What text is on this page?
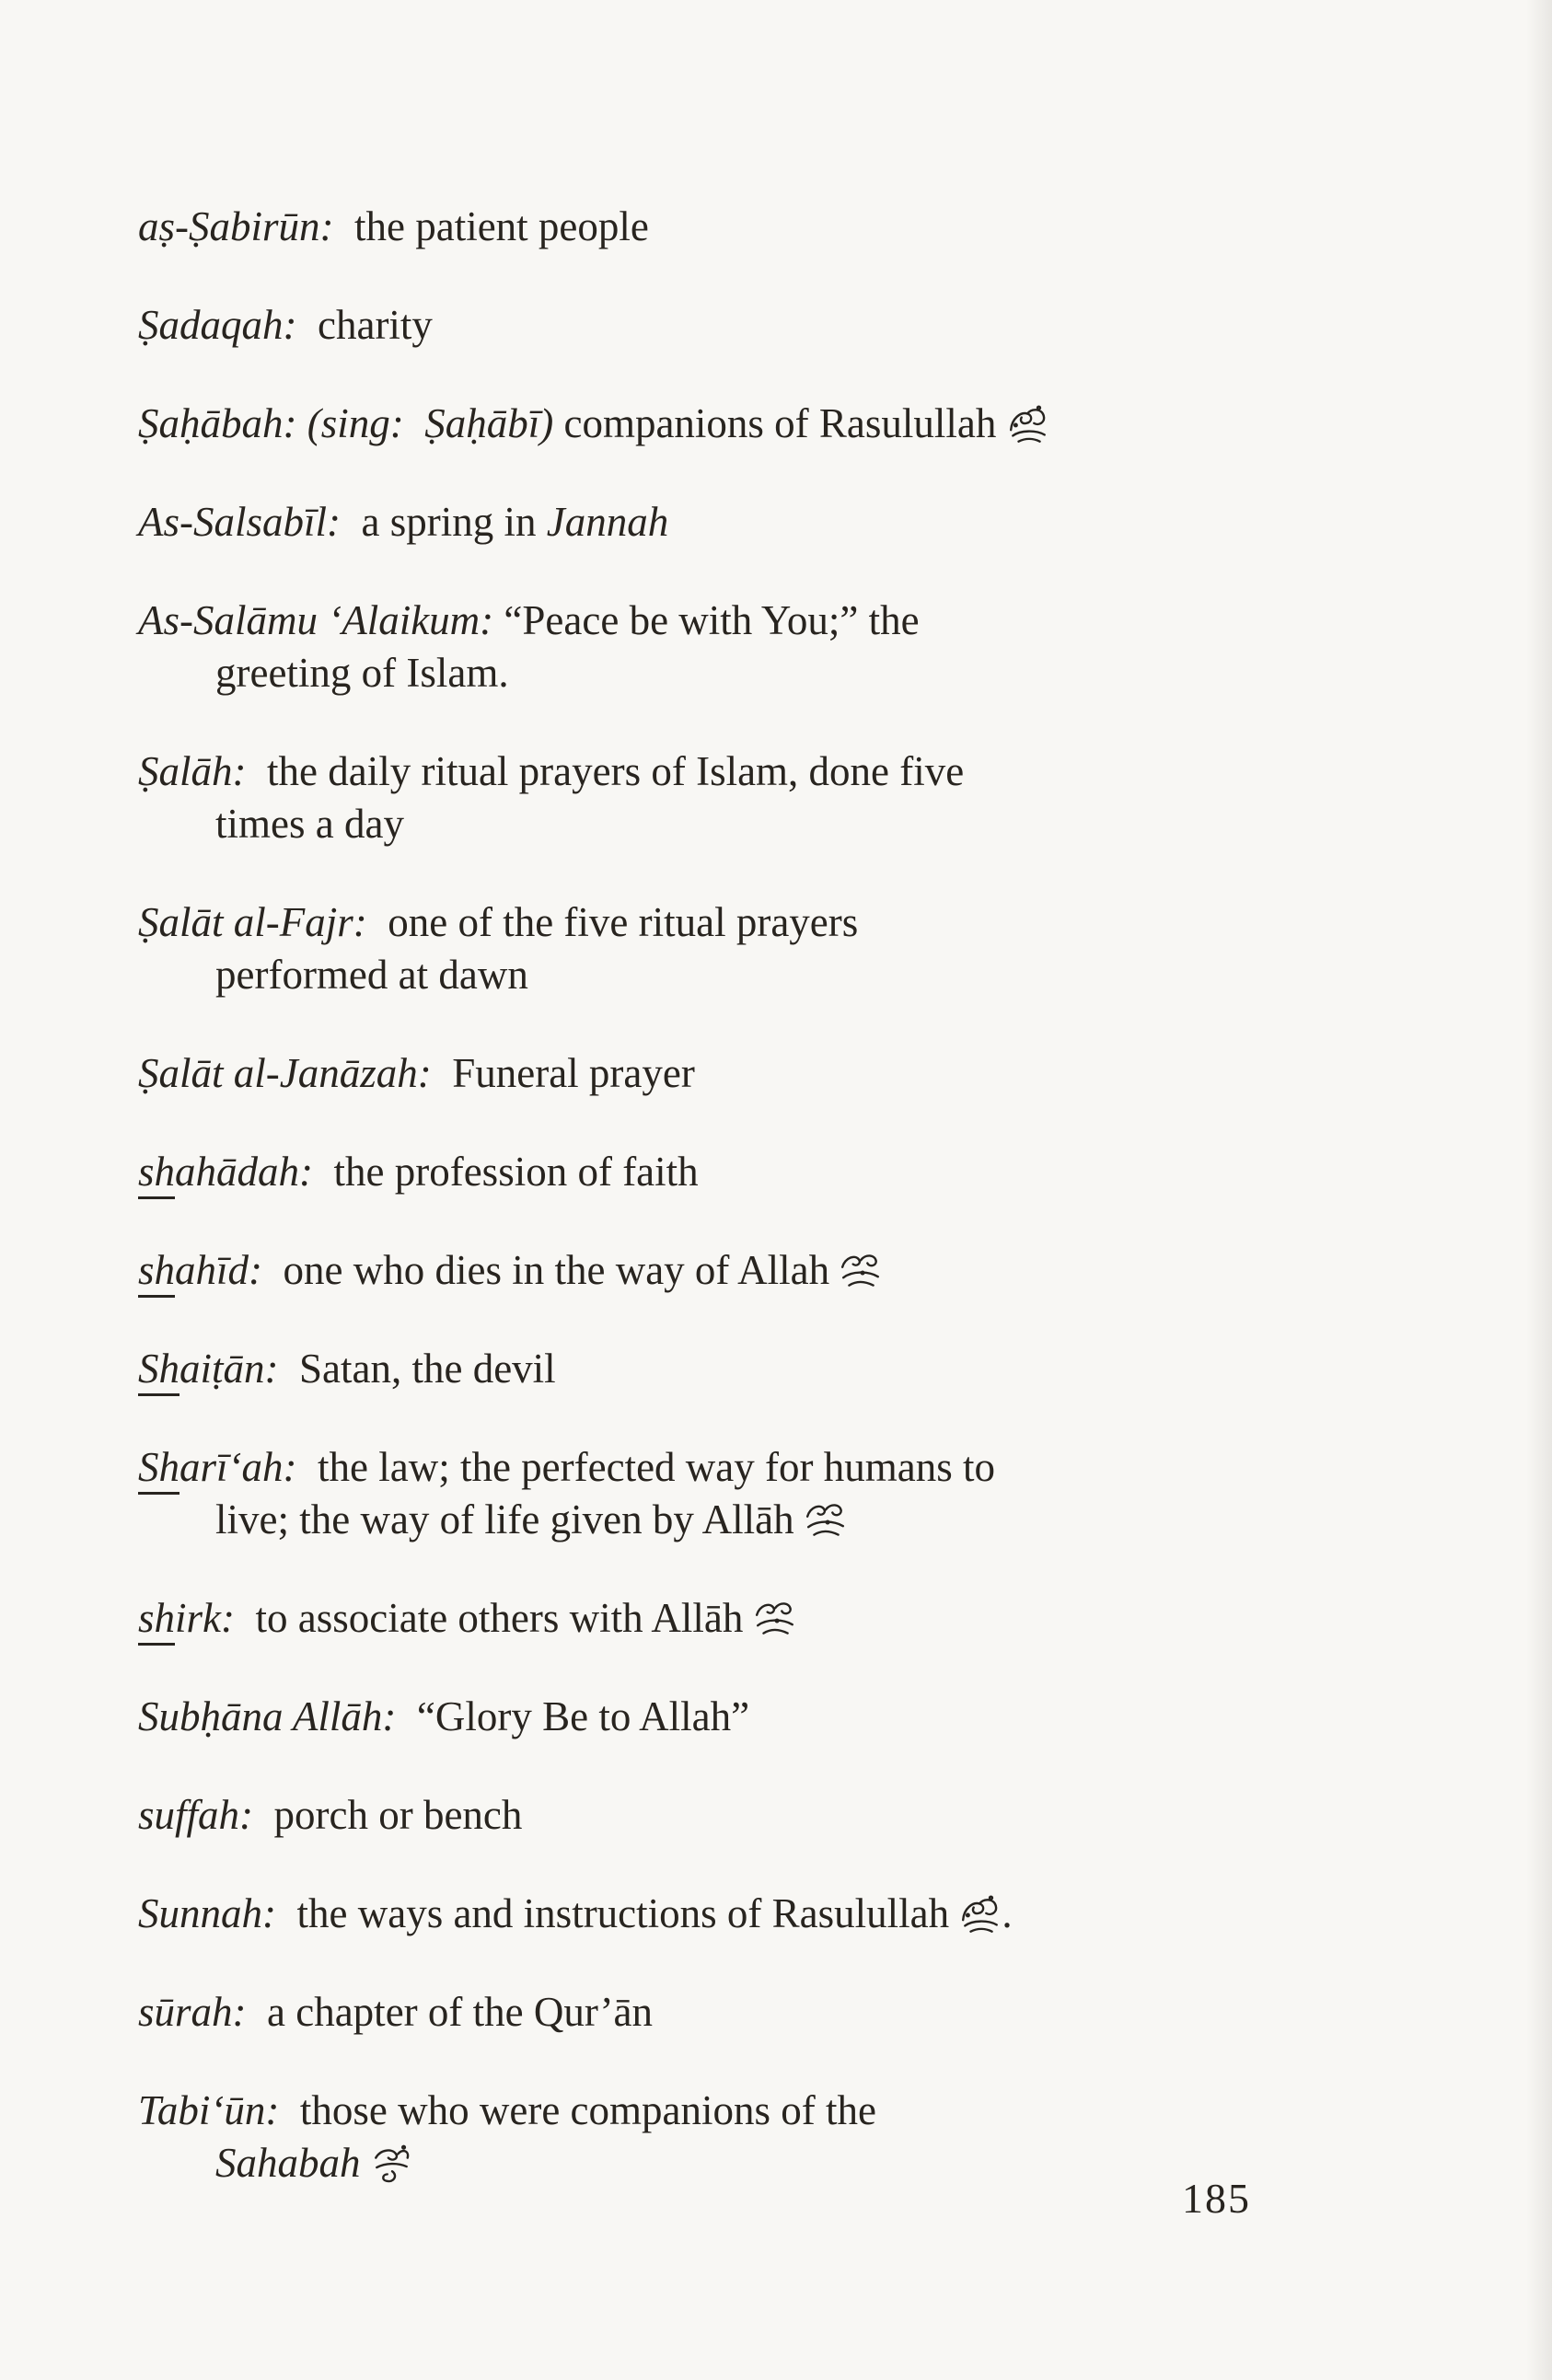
aṣ-Ṣabirūn:  the patient people
Ṣadaqah:  charity
Ṣaḥābah: (sing:  Ṣaḥābī) companions of Rasulullah
As-Salsabīl:  a spring in Jannah
As-Salāmu ‘Alaikum: “Peace be with You;” the
greeting of Islam.
Ṣalāh:  the daily ritual prayers of Islam, done five
times a day
Ṣalāt al-Fajr:  one of the five ritual prayers
performed at dawn
Ṣalāt al-Janāzah:  Funeral prayer
shahādah:  the profession of faith
shahīd:  one who dies in the way of Allah
Shaiṭān:  Satan, the devil
Sharī‘ah:  the law; the perfected way for humans to
live; the way of life given by Allāh
shirk:  to associate others with Allāh
Subḥāna Allāh:  “Glory Be to Allah”
suffah:  porch or bench
Sunnah:  the ways and instructions of Rasulullah .
sūrah:  a chapter of the Qur’ān
Tabi‘ūn:  those who were companions of the
Sahabah
185
